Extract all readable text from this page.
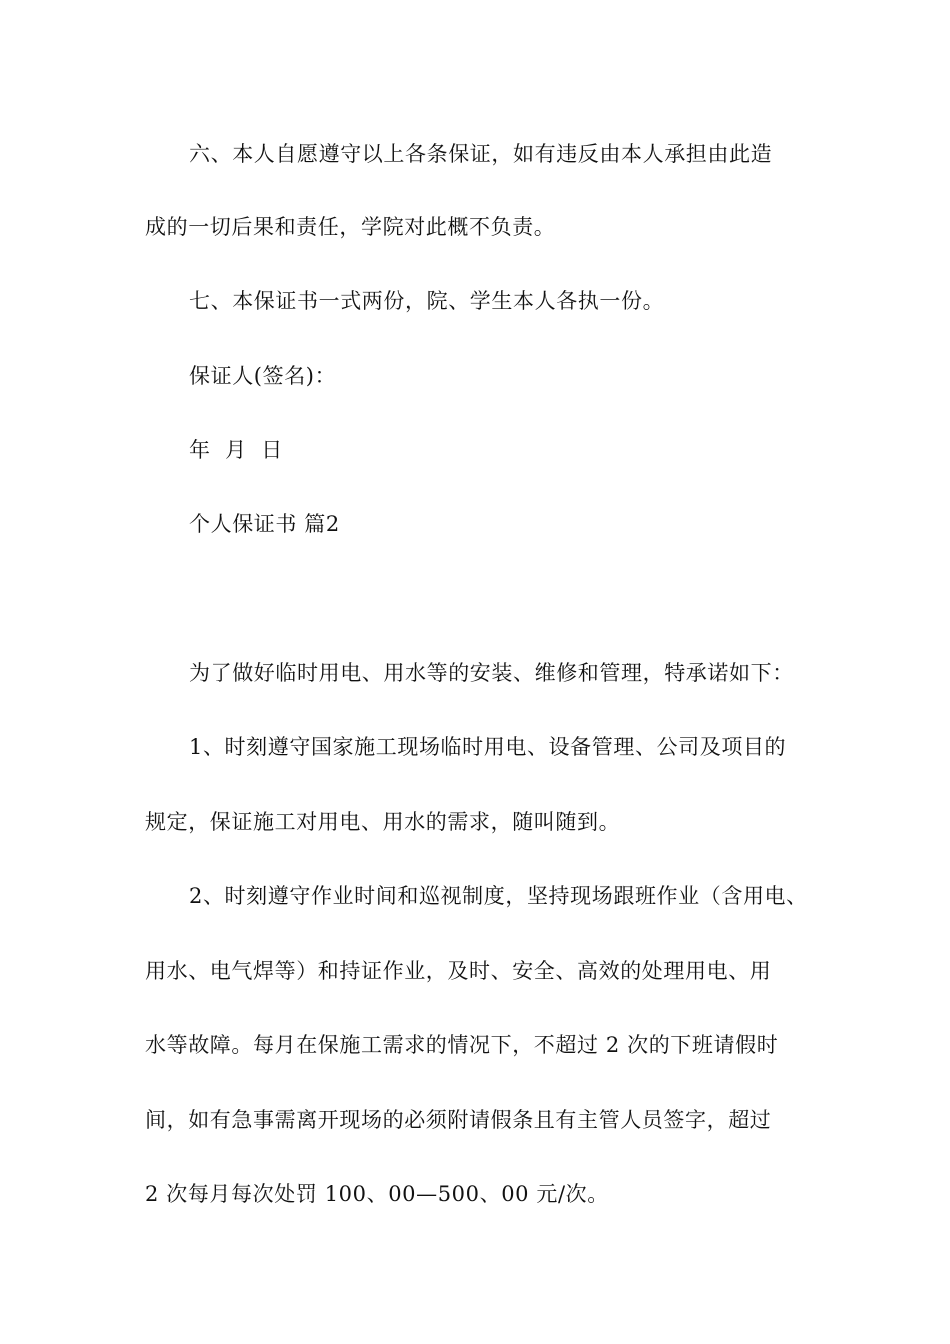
六、本人自愿遵守以上各条保证，如有违反由本人承担由此造
成的一切后果和责任，学院对此概不负责。
七、本保证书一式两份，院、学生本人各执一份。
保证人(签名)：
年  月  日
个人保证书 篇2
为了做好临时用电、用水等的安装、维修和管理，特承诺如下：
1、时刻遵守国家施工现场临时用电、设备管理、公司及项目的
规定，保证施工对用电、用水的需求，随叫随到。
2、时刻遵守作业时间和巡视制度，坚持现场跟班作业（含用电、
用水、电气焊等）和持证作业，及时、安全、高效的处理用电、用
水等故障。每月在保施工需求的情况下，不超过 2 次的下班请假时
间，如有急事需离开现场的必须附请假条且有主管人员签字，超过
2 次每月每次处罚 100、00—500、00 元/次。
